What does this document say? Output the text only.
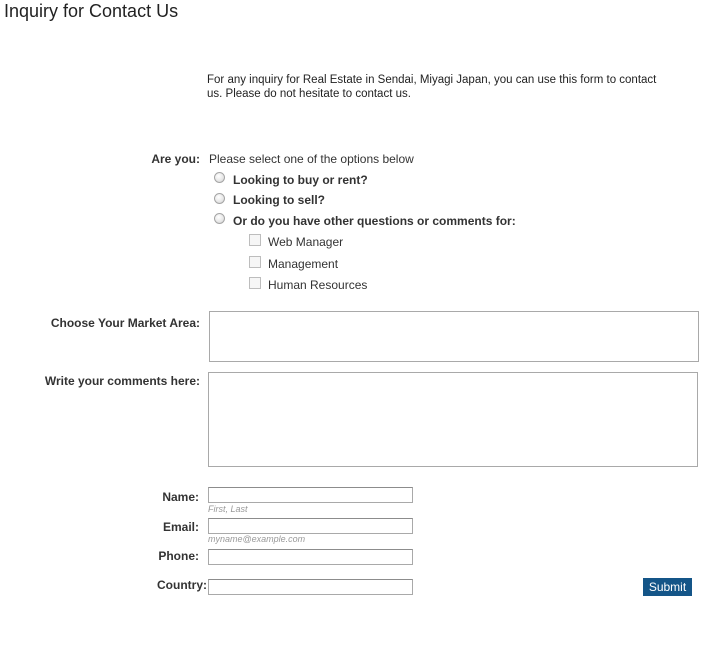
Inquiry for Contact Us
For any inquiry for Real Estate in Sendai, Miyagi Japan, you can use this form to contact us. Please do not hesitate to contact us.
Are you: Please select one of the options below
Looking to buy or rent?
Looking to sell?
Or do you have other questions or comments for:
Web Manager
Management
Human Resources
Choose Your Market Area:
Write your comments here:
Name:
First, Last
Email:
myname@example.com
Phone:
Country:	Submit
